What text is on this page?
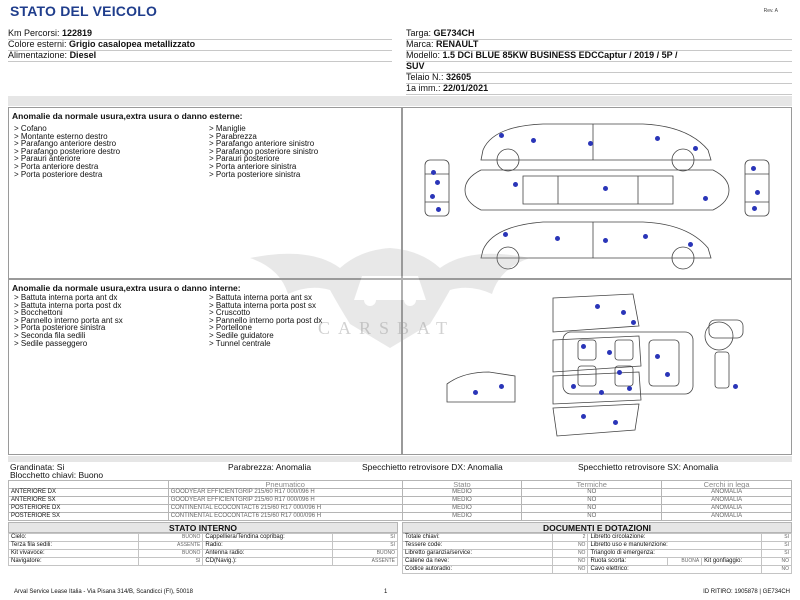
STATO DEL VEICOLO	Rev. A
Km Percorsi: 122819
Colore esterni: Grigio casalopea metallizzato
Alimentazione: Diesel
Targa: GE734CH
Marca: RENAULT
Modello: 1.5 DCi BLUE 85KW BUSINESS EDCCaptur / 2019 / 5P /
SUV
Telaio N.: 32605
1a imm.: 22/01/2021
Anomalie da normale usura,extra usura o danno esterne:
> Cofano
> Montante esterno destro
> Parafango anteriore destro
> Parafango posteriore destro
> Parauri anteriore
> Porta anteriore destra
> Porta posteriore destra
> Maniglie
> Parabrezza
> Parafango anteriore sinistro
> Parafango posteriore sinistro
> Parauri posteriore
> Porta anteriore sinistra
> Porta posteriore sinistra
Anomalie da normale usura,extra usura o danno interne:
> Battuta interna porta ant dx
> Battuta interna porta post dx
> Bocchettoni
> Pannello interno porta ant sx
> Porta posteriore sinistra
> Seconda fila sedili
> Sedile passeggero
> Battuta interna porta ant sx
> Battuta interna porta post sx
> Cruscotto
> Pannello interno porta post dx
> Portellone
> Sedile guidatore
> Tunnel centrale
CARSBAT
Grandinata: Si
Blocchetto chiavi: Buono
Parabrezza: Anomalia	Specchietto retrovisore DX: Anomalia	Specchietto retrovisore SX: Anomalia
	Pneumatico	Stato	Termiche	Cerchi in lega
ANTERIORE DX	GOODYEAR EFFICIENTGRIP 215/60 R17 000/096 H	MEDIO	NO	ANOMALIA
ANTERIORE SX	GOODYEAR EFFICIENTGRIP 215/60 R17 000/096 H	MEDIO	NO	ANOMALIA
POSTERIORE DX	CONTINENTAL ECOCONTACT6 215/60 R17 000/096 H	MEDIO	NO	ANOMALIA
POSTERIORE SX	CONTINENTAL ECOCONTACT6 215/60 R17 000/096 H	MEDIO	NO	ANOMALIA
STATO INTERNO
Cielo:	BUONO	Cappelliera/Tendina copribag:	SI
Terza fila sedili:	ASSENTE	Radio:	SI
Kit vivavoce:	BUONO	Antenna radio:	BUONO
Navigatore:	SI	CD(Navig.):	ASSENTE
DOCUMENTI E DOTAZIONI
Totale chiavi:	2	Libretto circolazione:			SI
Tessere code:	NO	Libretto uso e manutenzione:			SI
Libretto garanzia/service:	NO	Triangolo di emergenza:			SI
Catene da neve:	NO	Ruota scorta:	BUONA	Kit gonfiaggio:	NO
Codice autoradio:	NO	Cavo elettrico:			NO
Arval Service Lease Italia - Via Pisana 314/B, Scandicci (FI), 50018	1	ID RITIRO: 1905878 | GE734CH
